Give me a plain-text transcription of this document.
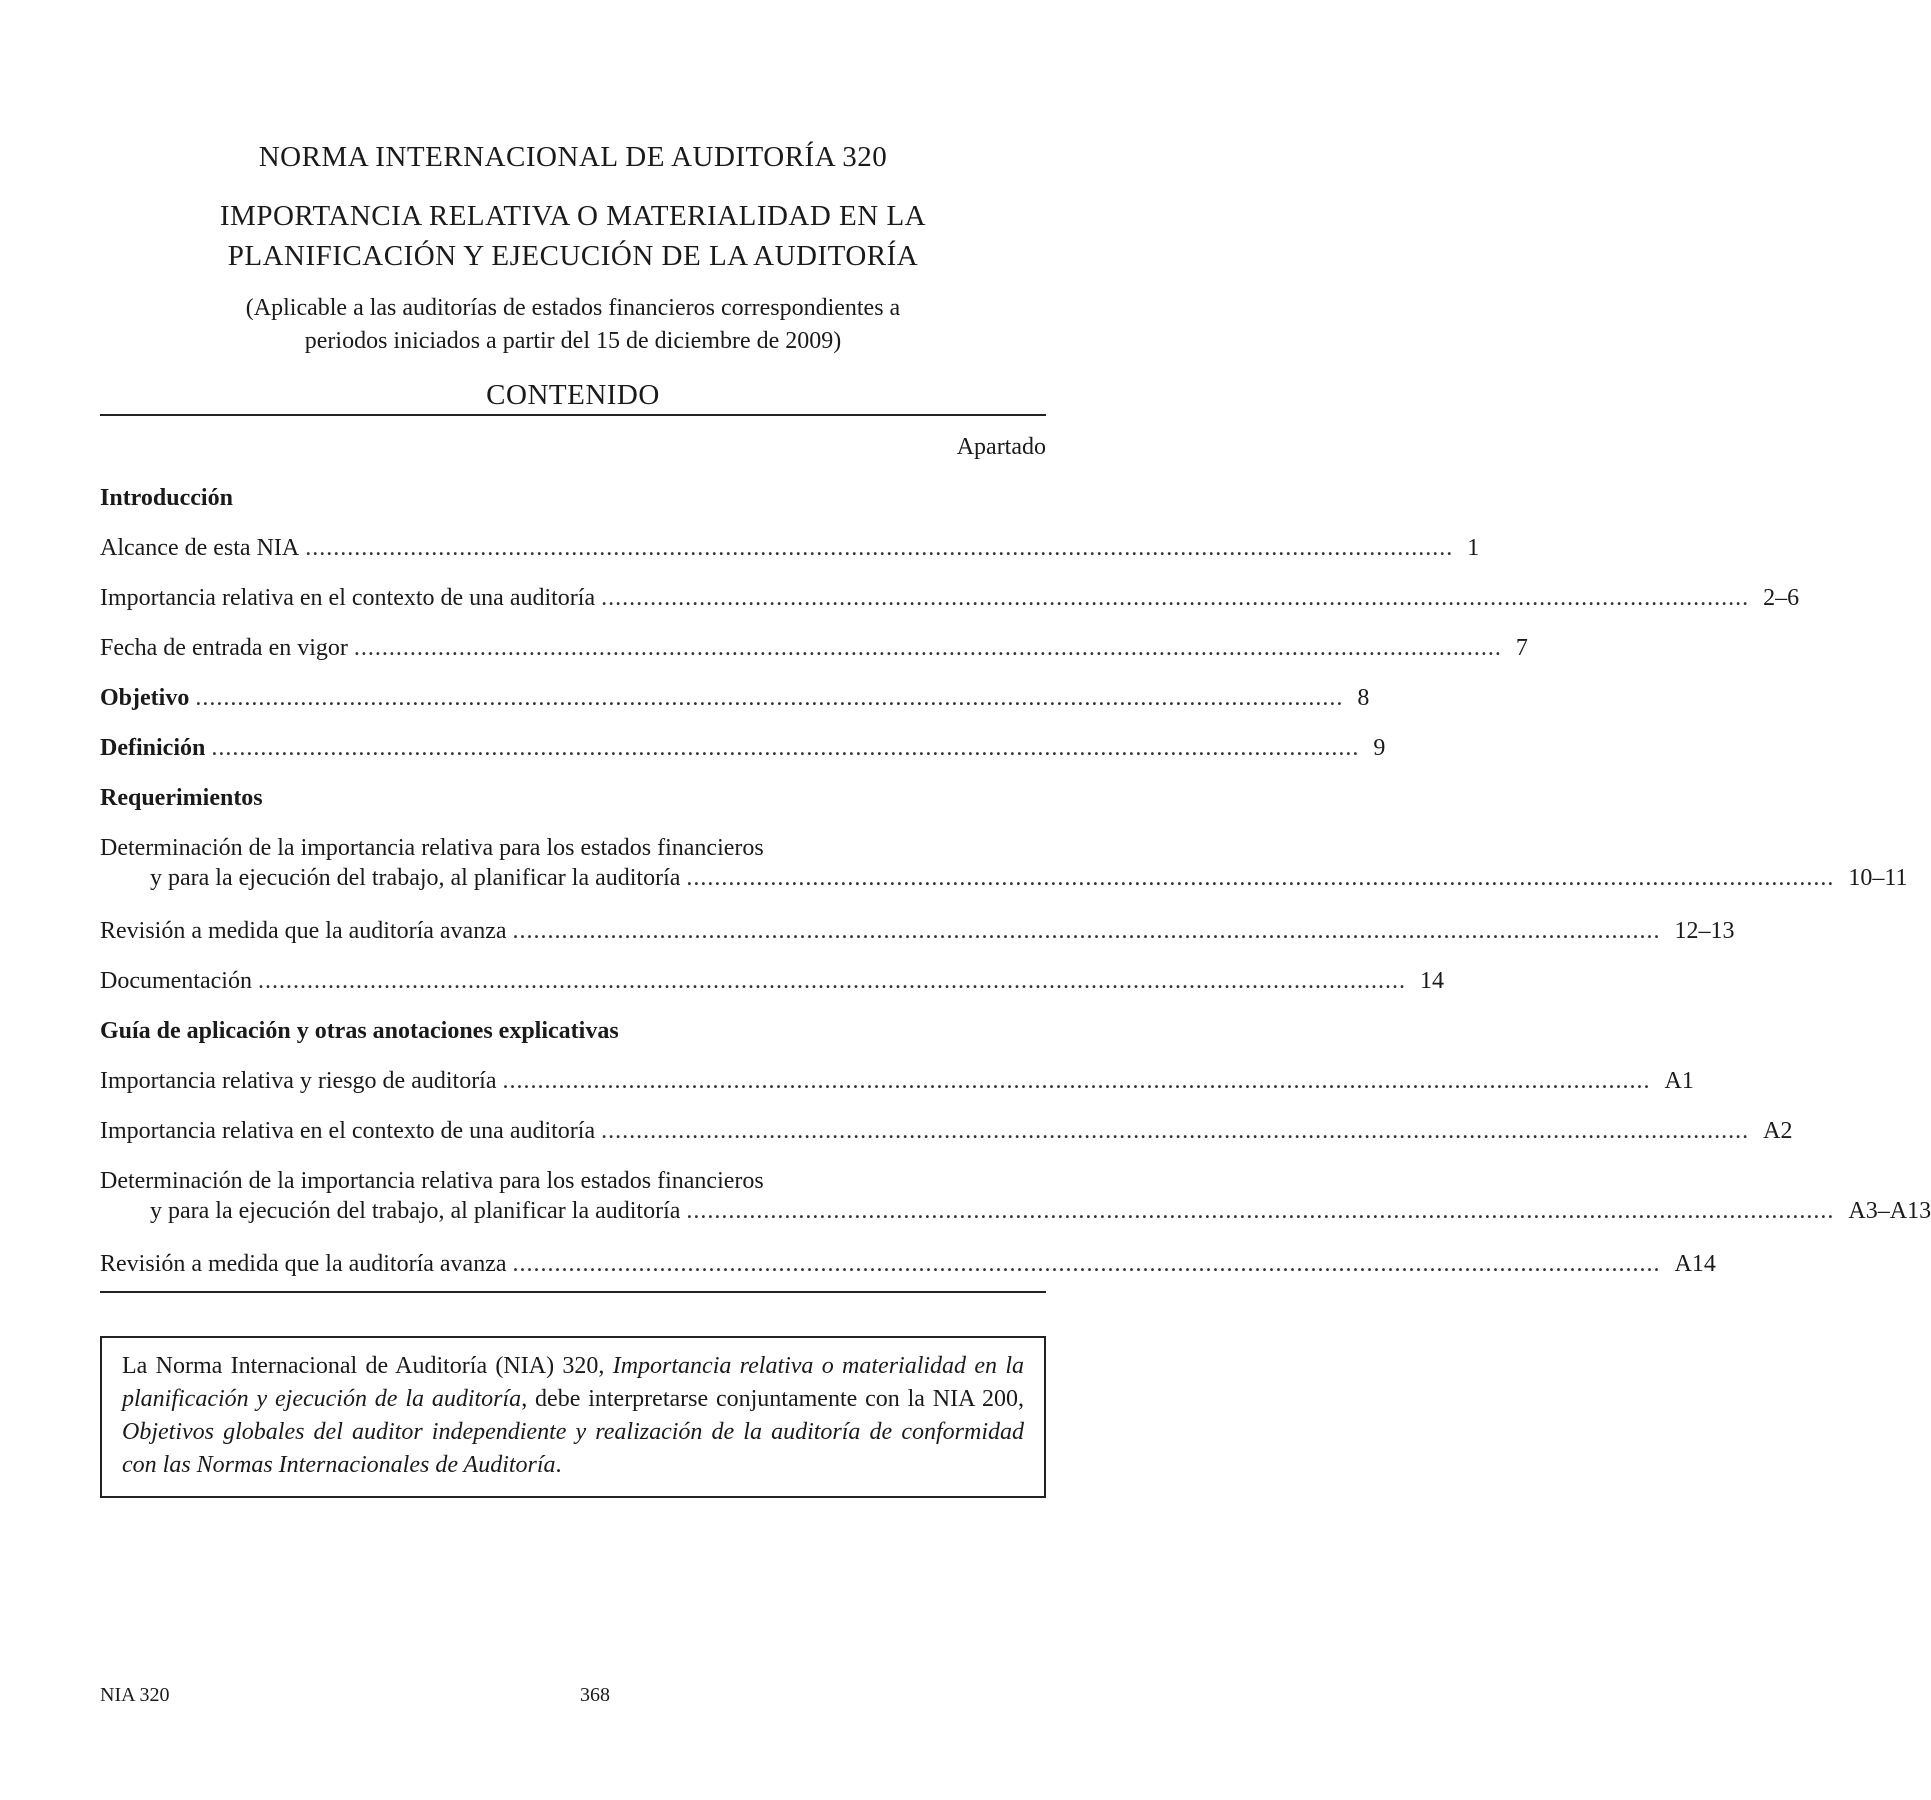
NORMA INTERNACIONAL DE AUDITORÍA 320
IMPORTANCIA RELATIVA O MATERIALIDAD EN LA
PLANIFICACIÓN Y EJECUCIÓN DE LA AUDITORÍA
(Aplicable a las auditorías de estados financieros correspondientes a
periodos iniciados a partir del 15 de diciembre de 2009)
CONTENIDO
Apartado
Introducción
Alcance de esta NIA .................................................................................................................................................................... 1
Importancia relativa en el contexto de una auditoría .................................................................................................................................................................... 2–6
Fecha de entrada en vigor .................................................................................................................................................................... 7
Objetivo .................................................................................................................................................................... 8
Definición .................................................................................................................................................................... 9
Requerimientos
Determinación de la importancia relativa para los estados financieros
y para la ejecución del trabajo, al planificar la auditoría .................................................................................................................................................................... 10–11
Revisión a medida que la auditoría avanza .................................................................................................................................................................... 12–13
Documentación .................................................................................................................................................................... 14
Guía de aplicación y otras anotaciones explicativas
Importancia relativa y riesgo de auditoría .................................................................................................................................................................... A1
Importancia relativa en el contexto de una auditoría .................................................................................................................................................................... A2
Determinación de la importancia relativa para los estados financieros
y para la ejecución del trabajo, al planificar la auditoría .................................................................................................................................................................... A3–A13
Revisión a medida que la auditoría avanza .................................................................................................................................................................... A14
La Norma Internacional de Auditoría (NIA) 320, Importancia relativa o materialidad en la planificación y ejecución de la auditoría, debe interpretarse conjuntamente con la NIA 200, Objetivos globales del auditor independiente y realización de la auditoría de conformidad con las Normas Internacionales de Auditoría.
NIA 320	368
